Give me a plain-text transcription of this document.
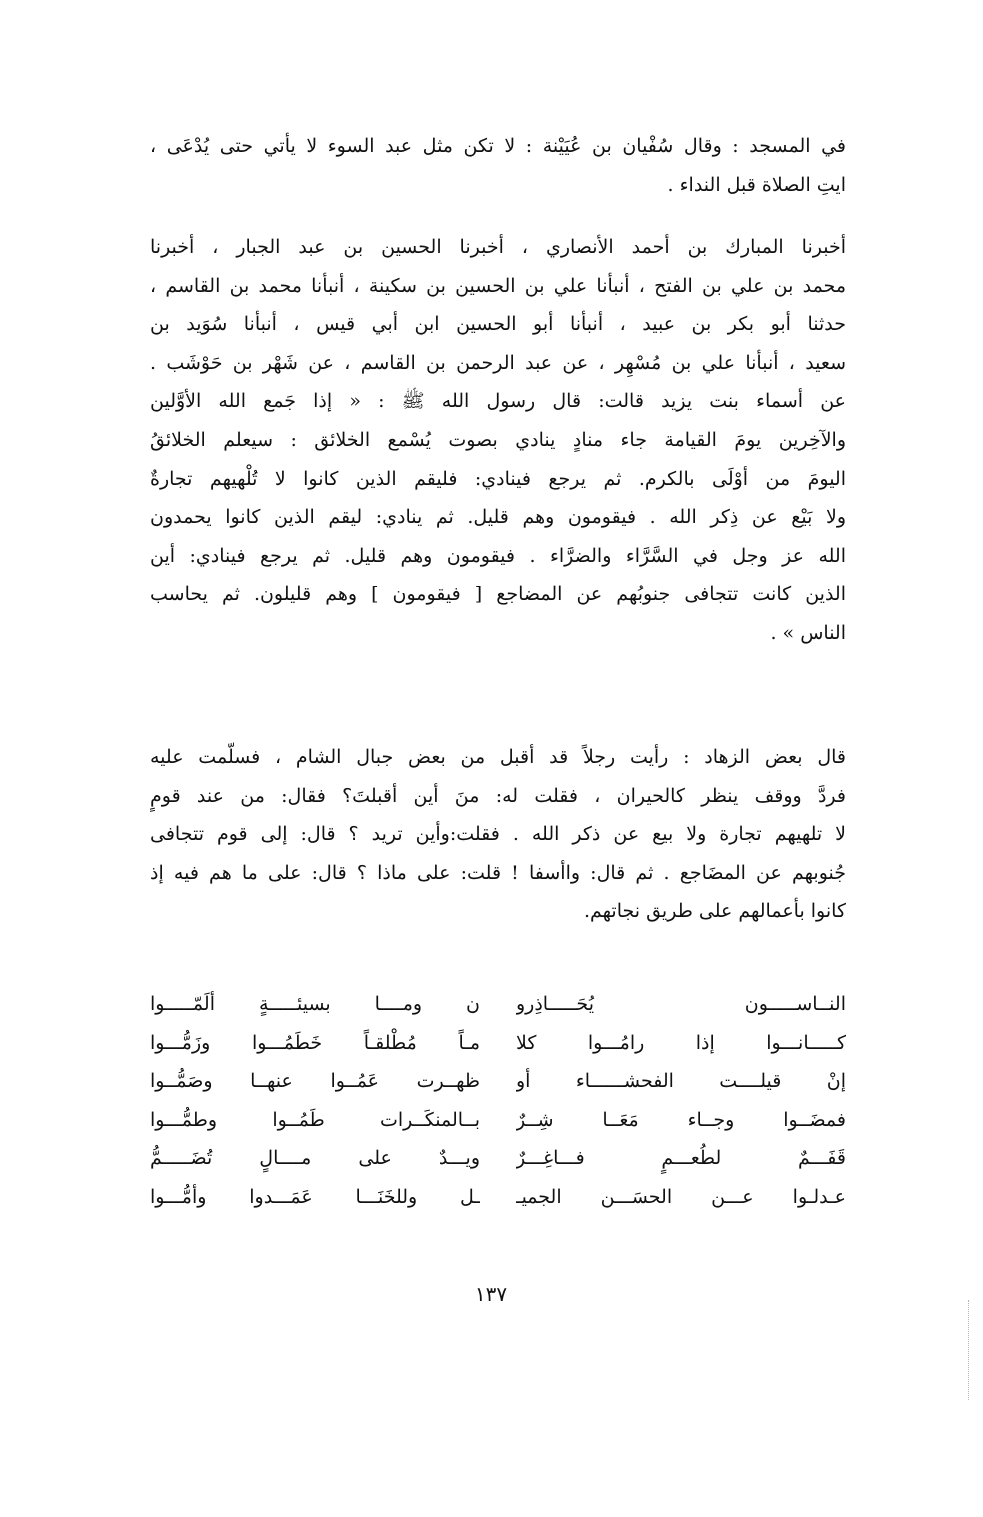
في المسجد : وقال سُفْيان بن عُيَيْنة : لا تكن مثل عبد السوء لا يأتي حتى يُدْعَى ،
ايتِ الصلاة قبل النداء .
أخبرنا المبارك بن أحمد الأنصاري ، أخبرنا الحسين بن عبد الجبار ، أخبرنا
محمد بن علي بن الفتح ، أنبأنا علي بن الحسين بن سكينة ، أنبأنا محمد بن القاسم ،
حدثنا أبو بكر بن عبيد ، أنبأنا أبو الحسين ابن أبي قيس ، أنبأنا سُوَيد بن
سعيد ، أنبأنا علي بن مُسْهِر ، عن عبد الرحمن بن القاسم ، عن شَهْر بن حَوْشَب .
عن أسماء بنت يزيد قالت: قال رسول الله ﷺ : « إذا جَمع الله الأوَّلين
والآخِرين يومَ القيامة جاء منادٍ ينادي بصوت يُسْمع الخلائق : سيعلم الخلائقُ
اليومَ من أوْلَى بالكرم. ثم يرجع فينادي: فليقم الذين كانوا لا تُلْهيهم تجارةٌ
ولا بَيْع عن ذِكر الله . فيقومون وهم قليل. ثم ينادي: ليقم الذين كانوا يحمدون
الله عز وجل في السَّرَّاء والضرَّاء . فيقومون وهم قليل. ثم يرجع فينادي: أين
الذين كانت تتجافى جنوبُهم عن المضاجع [ فيقومون ] وهم قليلون. ثم يحاسب
الناس » .
قال بعض الزهاد : رأيت رجلاً قد أقبل من بعض جبال الشام ، فسلّمت عليه
فردَّ ووقف ينظر كالحيران ، فقلت له: منَ أين أقبلتَ؟ فقال: من عند قومٍ
لا تلهيهم تجارة ولا بيع عن ذكر الله . فقلت:وأين تريد ؟ قال: إلى قوم تتجافى
جُنوبهم عن المضَاجع . ثم قال: واأسفا ! قلت: على ماذا ؟ قال: على ما هم فيه إذ
كانوا بأعمالهم على طريق نجاتهم.
النــاســـــون يُحَـــــاذِرو
ن ومــــا بسيئـــــةٍ ألَمّـــــوا
كـــــانـــوا إذا رامُـــوا كلا
مـاً مُطْلقـاً خَطَمُـــوا وزَمُّـــوا
إنْ قيلــــت الفحشــــــاء أو
ظهــرت عَمُــوا عنهــا وصَمُّــوا
فمضَــوا وجــاء مَعَــا شِــرٌ
بــالمنكَــرات طَمُــوا وطمُّـــوا
قَفَـــمٌ لطُعـــمٍ فـــاغِـــرٌ
ويـــدٌ على مــــالٍ تُضَـــــمُّ
عـدلـوا عـــن الحسَـــن الجميـ
ـل وللخَنَـــا عَمَـــدوا وأمُّـــوا
١٣٧
